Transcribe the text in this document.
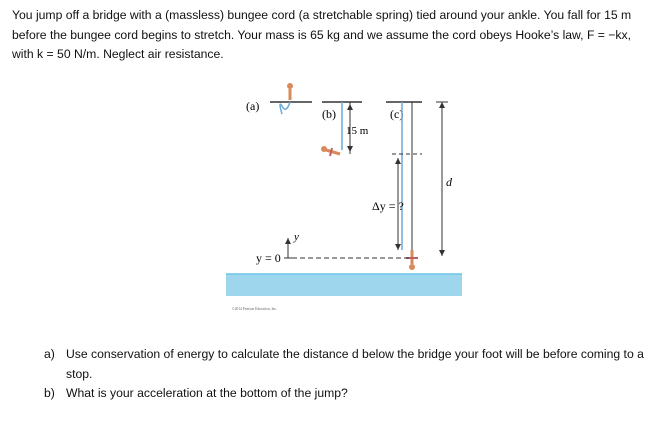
You jump off a bridge with a (massless) bungee cord (a stretchable spring) tied around your ankle. You fall for 15 m before the bungee cord begins to stretch. Your mass is 65 kg and we assume the cord obeys Hooke’s law, F = −kx, with k = 50 N/m. Neglect air resistance.
(a)
(b)
15 m
(c)
Δy = ?
d
y
y = 0
©2014 Pearson Education, Inc.
a) Use conservation of energy to calculate the distance d below the bridge your foot will be before coming to a stop.
b) What is your acceleration at the bottom of the jump?
